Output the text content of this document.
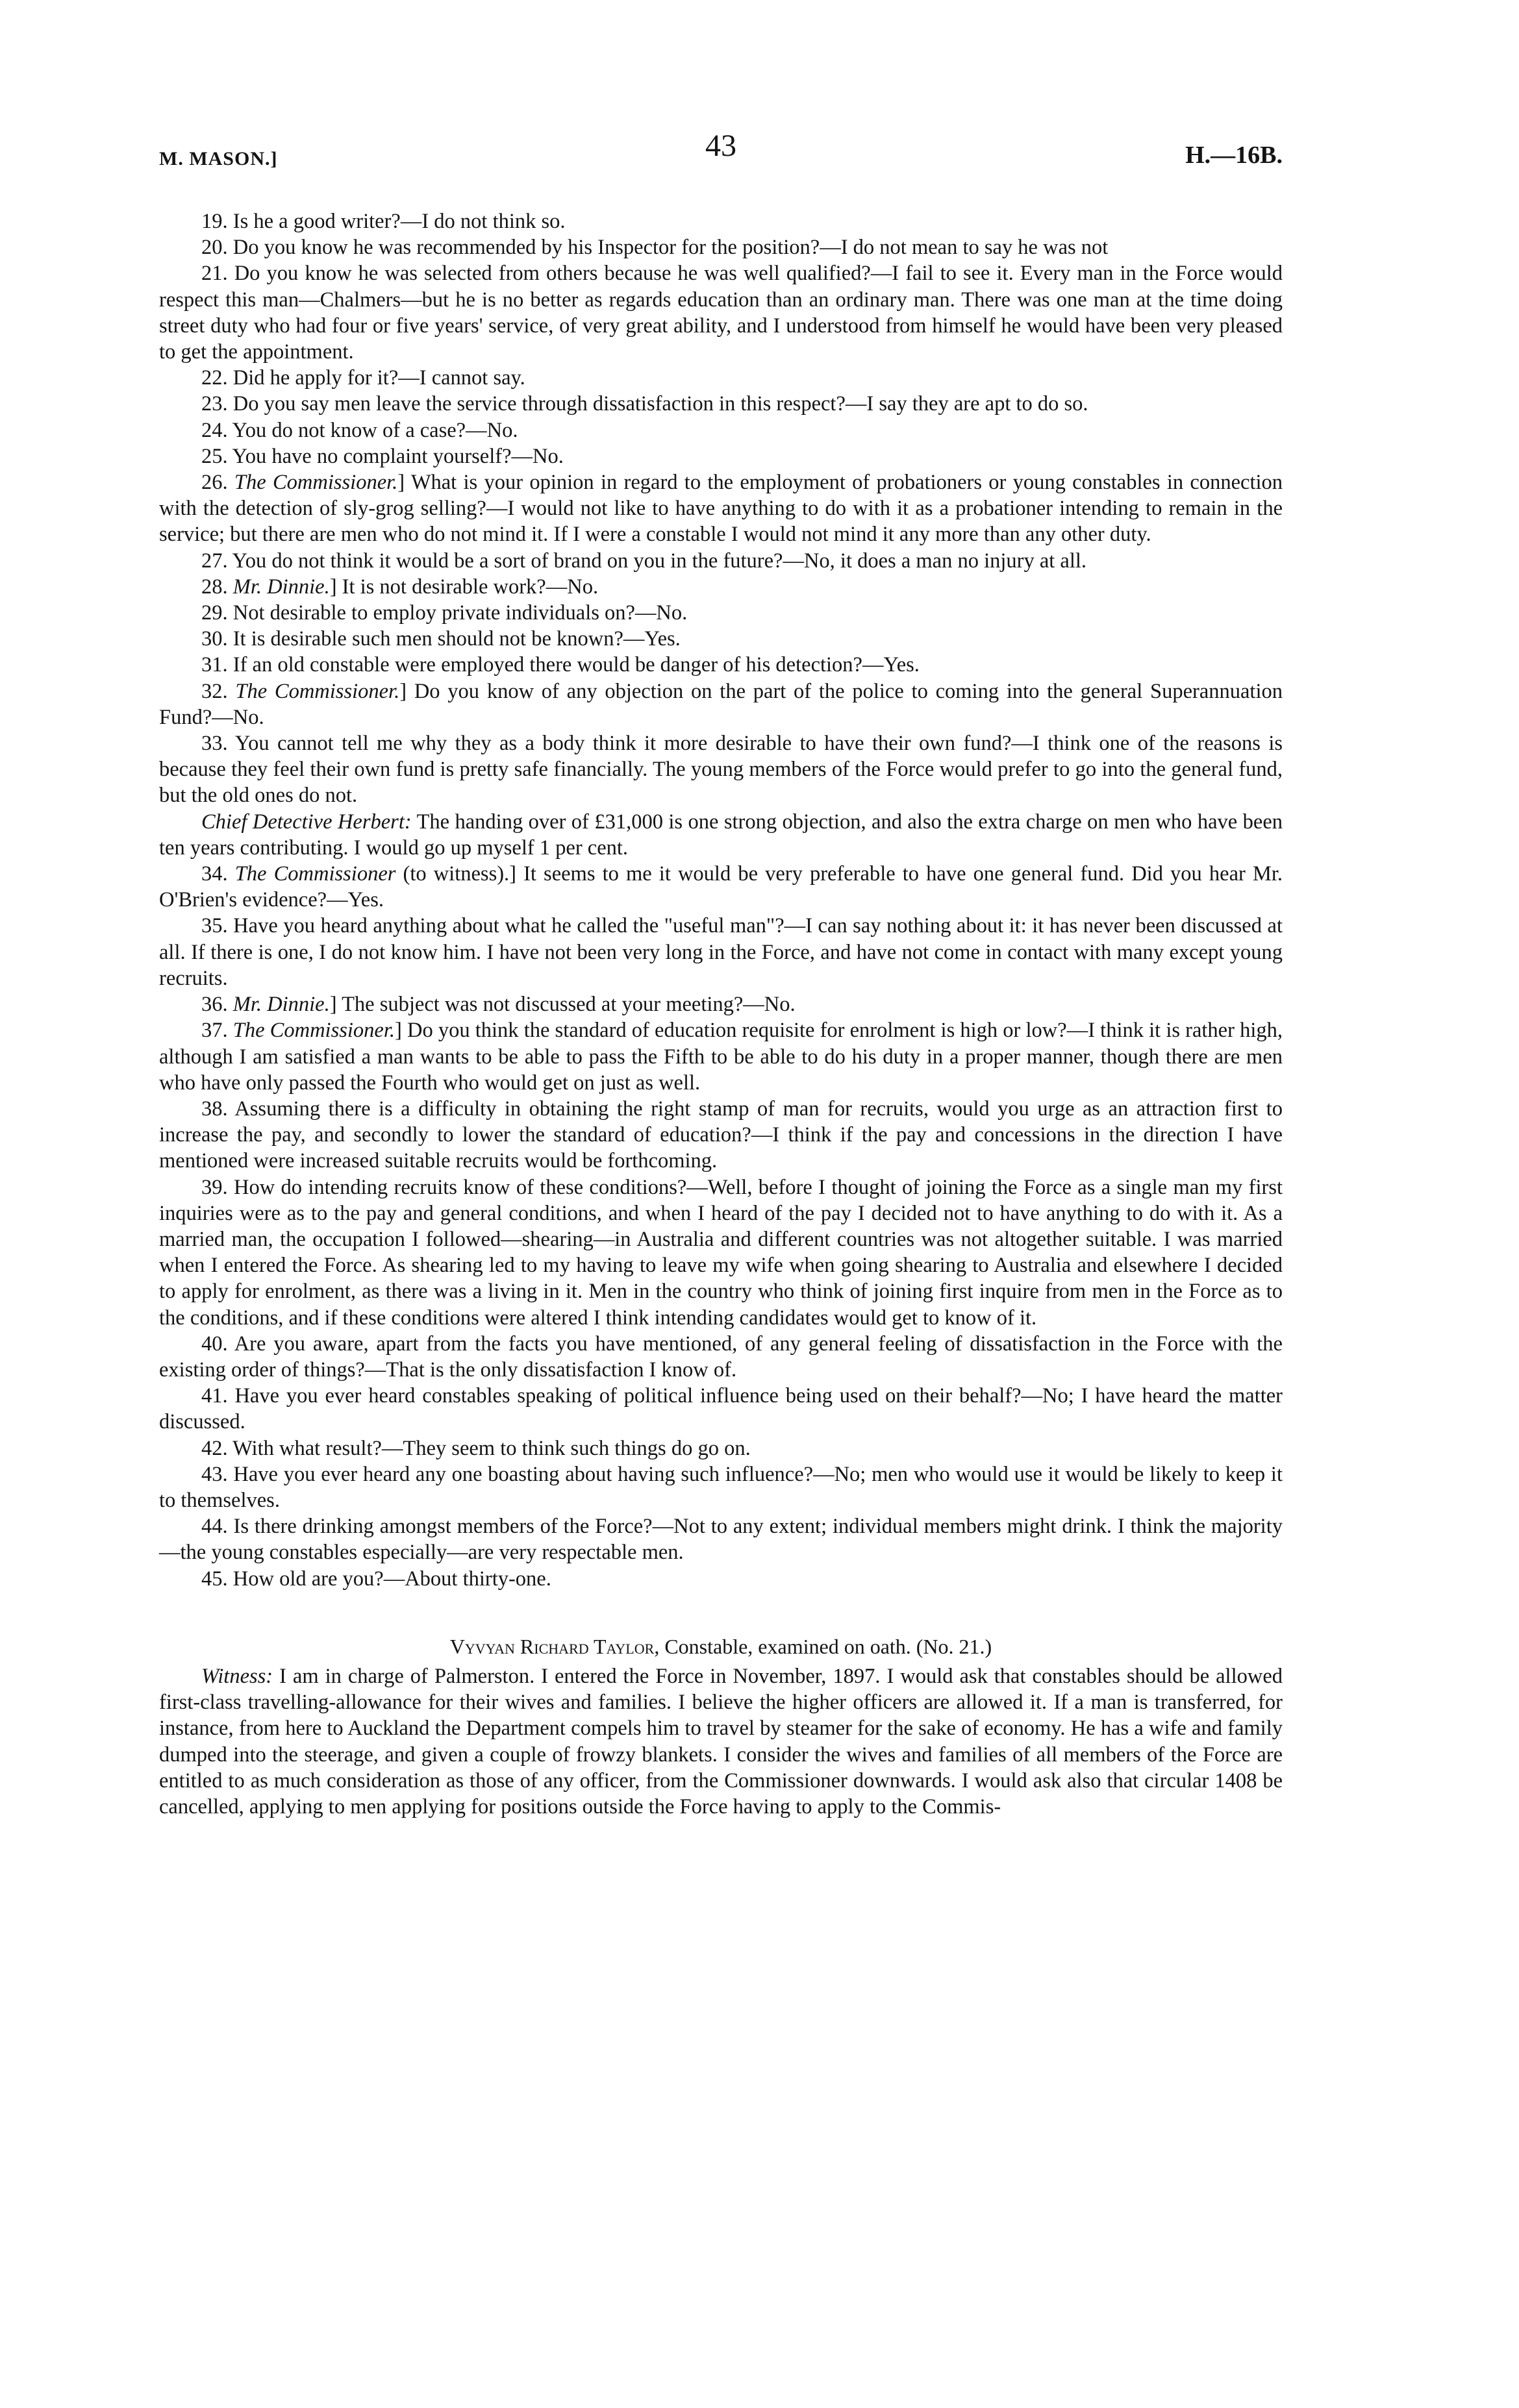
M. MASON.]	43	H.—16B.

19. Is he a good writer?—I do not think so.

20. Do you know he was recommended by his Inspector for the position?—I do not mean to say he was not

21. Do you know he was selected from others because he was well qualified?—I fail to see it. Every man in the Force would respect this man—Chalmers—but he is no better as regards education than an ordinary man. There was one man at the time doing street duty who had four or five years' service, of very great ability, and I understood from himself he would have been very pleased to get the appointment.

22. Did he apply for it?—I cannot say.

23. Do you say men leave the service through dissatisfaction in this respect?—I say they are apt to do so.

24. You do not know of a case?—No.

25. You have no complaint yourself?—No.

26. The Commissioner.] What is your opinion in regard to the employment of probationers or young constables in connection with the detection of sly-grog selling?—I would not like to have anything to do with it as a probationer intending to remain in the service; but there are men who do not mind it. If I were a constable I would not mind it any more than any other duty.

27. You do not think it would be a sort of brand on you in the future?—No, it does a man no injury at all.

28. Mr. Dinnie.] It is not desirable work?—No.

29. Not desirable to employ private individuals on?—No.

30. It is desirable such men should not be known?—Yes.

31. If an old constable were employed there would be danger of his detection?—Yes.

32. The Commissioner.] Do you know of any objection on the part of the police to coming into the general Superannuation Fund?—No.

33. You cannot tell me why they as a body think it more desirable to have their own fund?—I think one of the reasons is because they feel their own fund is pretty safe financially. The young members of the Force would prefer to go into the general fund, but the old ones do not.

Chief Detective Herbert: The handing over of £31,000 is one strong objection, and also the extra charge on men who have been ten years contributing. I would go up myself 1 per cent.

34. The Commissioner (to witness).] It seems to me it would be very preferable to have one general fund. Did you hear Mr. O'Brien's evidence?—Yes.

35. Have you heard anything about what he called the "useful man"?—I can say nothing about it: it has never been discussed at all. If there is one, I do not know him. I have not been very long in the Force, and have not come in contact with many except young recruits.

36. Mr. Dinnie.] The subject was not discussed at your meeting?—No.

37. The Commissioner.] Do you think the standard of education requisite for enrolment is high or low?—I think it is rather high, although I am satisfied a man wants to be able to pass the Fifth to be able to do his duty in a proper manner, though there are men who have only passed the Fourth who would get on just as well.

38. Assuming there is a difficulty in obtaining the right stamp of man for recruits, would you urge as an attraction first to increase the pay, and secondly to lower the standard of education?—I think if the pay and concessions in the direction I have mentioned were increased suitable recruits would be forthcoming.

39. How do intending recruits know of these conditions?—Well, before I thought of joining the Force as a single man my first inquiries were as to the pay and general conditions, and when I heard of the pay I decided not to have anything to do with it. As a married man, the occupation I followed—shearing—in Australia and different countries was not altogether suitable. I was married when I entered the Force. As shearing led to my having to leave my wife when going shearing to Australia and elsewhere I decided to apply for enrolment, as there was a living in it. Men in the country who think of joining first inquire from men in the Force as to the conditions, and if these conditions were altered I think intending candidates would get to know of it.

40. Are you aware, apart from the facts you have mentioned, of any general feeling of dissatisfaction in the Force with the existing order of things?—That is the only dissatisfaction I know of.

41. Have you ever heard constables speaking of political influence being used on their behalf?—No; I have heard the matter discussed.

42. With what result?—They seem to think such things do go on.

43. Have you ever heard any one boasting about having such influence?—No; men who would use it would be likely to keep it to themselves.

44. Is there drinking amongst members of the Force?—Not to any extent; individual members might drink. I think the majority—the young constables especially—are very respectable men.

45. How old are you?—About thirty-one.

Vyvyan Richard Taylor, Constable, examined on oath. (No. 21.)

Witness: I am in charge of Palmerston. I entered the Force in November, 1897. I would ask that constables should be allowed first-class travelling-allowance for their wives and families. I believe the higher officers are allowed it. If a man is transferred, for instance, from here to Auckland the Department compels him to travel by steamer for the sake of economy. He has a wife and family dumped into the steerage, and given a couple of frowzy blankets. I consider the wives and families of all members of the Force are entitled to as much consideration as those of any officer, from the Commissioner downwards. I would ask also that circular 1408 be cancelled, applying to men applying for positions outside the Force having to apply to the Commis-
